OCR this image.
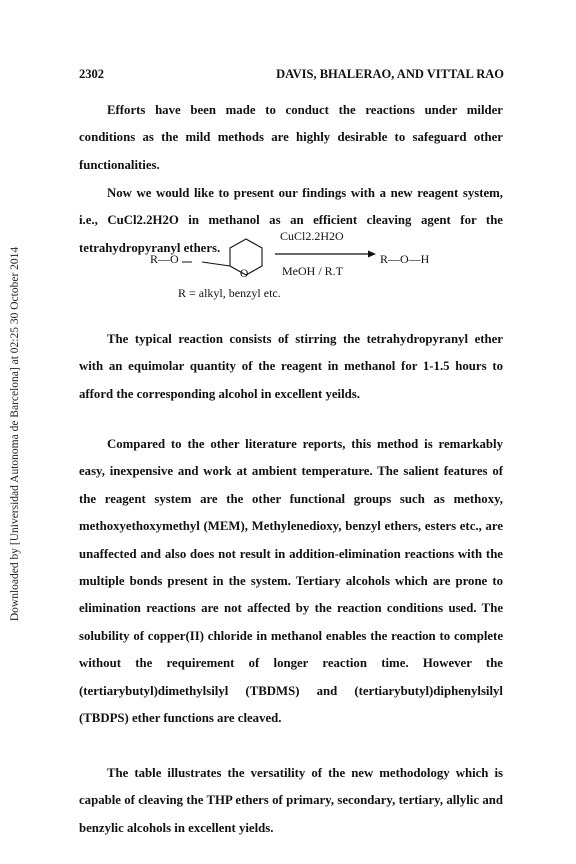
Downloaded by [Universidad Autonoma de Barcelona] at 02:25 30 October 2014
2302	DAVIS, BHALERAO, AND VITTAL RAO

Efforts have been made to conduct the reactions under milder conditions as the mild methods are highly desirable to safeguard other functionalities.

Now we would like to present our findings with a new reagent system, i.e., CuCl2.2H2O in methanol as an efficient cleaving agent for the tetrahydropyranyl ethers.

R—O
O
CuCl2.2H2O
MeOH / R.T
R—O—H
R = alkyl, benzyl etc.

The typical reaction consists of stirring the tetrahydropyranyl ether with an equimolar quantity of the reagent in methanol for 1-1.5 hours to afford the corresponding alcohol in excellent yeilds.

Compared to the other literature reports, this method is remarkably easy, inexpensive and work at ambient temperature. The salient features of the reagent system are the other functional groups such as methoxy, methoxyethoxymethyl (MEM), Methylenedioxy, benzyl ethers, esters etc., are unaffected and also does not result in addition-elimination reactions with the multiple bonds present in the system. Tertiary alcohols which are prone to elimination reactions are not affected by the reaction conditions used. The solubility of copper(II) chloride in methanol enables the reaction to complete without the requirement of longer reaction time. However the (tertiarybutyl)dimethylsilyl (TBDMS) and (tertiarybutyl)diphenylsilyl (TBDPS) ether functions are cleaved.

The table illustrates the versatility of the new methodology which is capable of cleaving the THP ethers of primary, secondary, tertiary, allylic and benzylic alcohols in excellent yields.
